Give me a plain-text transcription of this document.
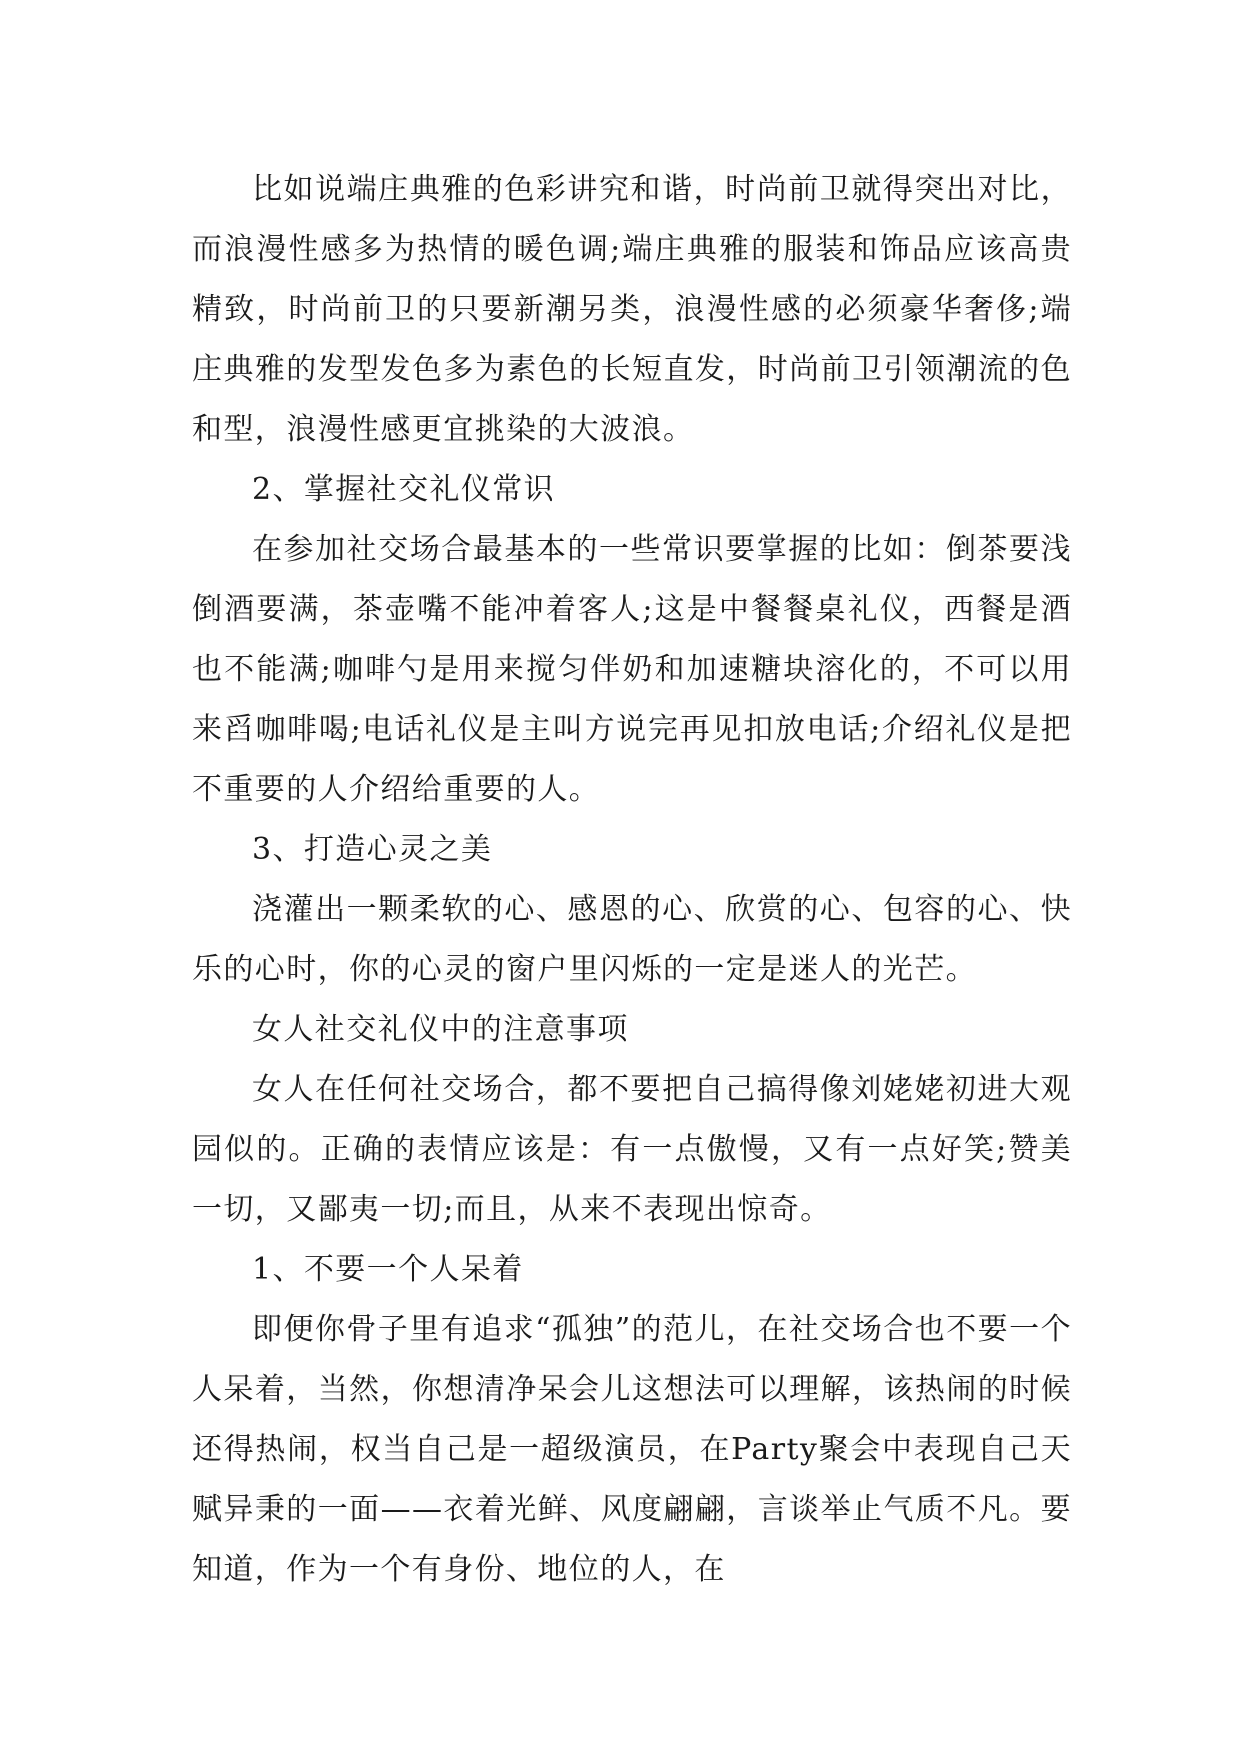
比如说端庄典雅的色彩讲究和谐，时尚前卫就得突出对比，而浪漫性感多为热情的暖色调;端庄典雅的服装和饰品应该高贵精致，时尚前卫的只要新潮另类，浪漫性感的必须豪华奢侈;端庄典雅的发型发色多为素色的长短直发，时尚前卫引领潮流的色和型，浪漫性感更宜挑染的大波浪。

2、掌握社交礼仪常识

在参加社交场合最基本的一些常识要掌握的比如：倒茶要浅倒酒要满，茶壶嘴不能冲着客人;这是中餐餐桌礼仪，西餐是酒也不能满;咖啡勺是用来搅匀伴奶和加速糖块溶化的，不可以用来舀咖啡喝;电话礼仪是主叫方说完再见扣放电话;介绍礼仪是把不重要的人介绍给重要的人。

3、打造心灵之美

浇灌出一颗柔软的心、感恩的心、欣赏的心、包容的心、快乐的心时，你的心灵的窗户里闪烁的一定是迷人的光芒。

女人社交礼仪中的注意事项

女人在任何社交场合，都不要把自己搞得像刘姥姥初进大观园似的。正确的表情应该是：有一点傲慢，又有一点好笑;赞美一切，又鄙夷一切;而且，从来不表现出惊奇。

1、不要一个人呆着

即便你骨子里有追求“孤独”的范儿，在社交场合也不要一个人呆着，当然，你想清净呆会儿这想法可以理解，该热闹的时候还得热闹，权当自己是一超级演员，在Party聚会中表现自己天赋异秉的一面——衣着光鲜、风度翩翩，言谈举止气质不凡。要知道，作为一个有身份、地位的人，在
